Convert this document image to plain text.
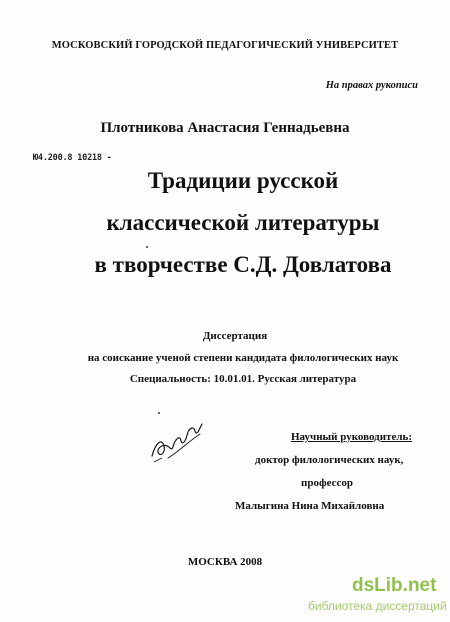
МОСКОВСКИЙ ГОРОДСКОЙ ПЕДАГОГИЧЕСКИЙ УНИВЕРСИТЕТ
На правах рукописи
Плотникова Анастасия Геннадьевна
Ю4.200.8 10218 -
Традиции русской
классической литературы
в творчестве С.Д. Довлатова
Диссертация
на соискание ученой степени кандидата филологических наук
Специальность: 10.01.01. Русская литература
Научный руководитель:
доктор филологических наук,
профессор
Малыгина Нина Михайловна
МОСКВА 2008
dsLib.net
библиотека диссертаций
